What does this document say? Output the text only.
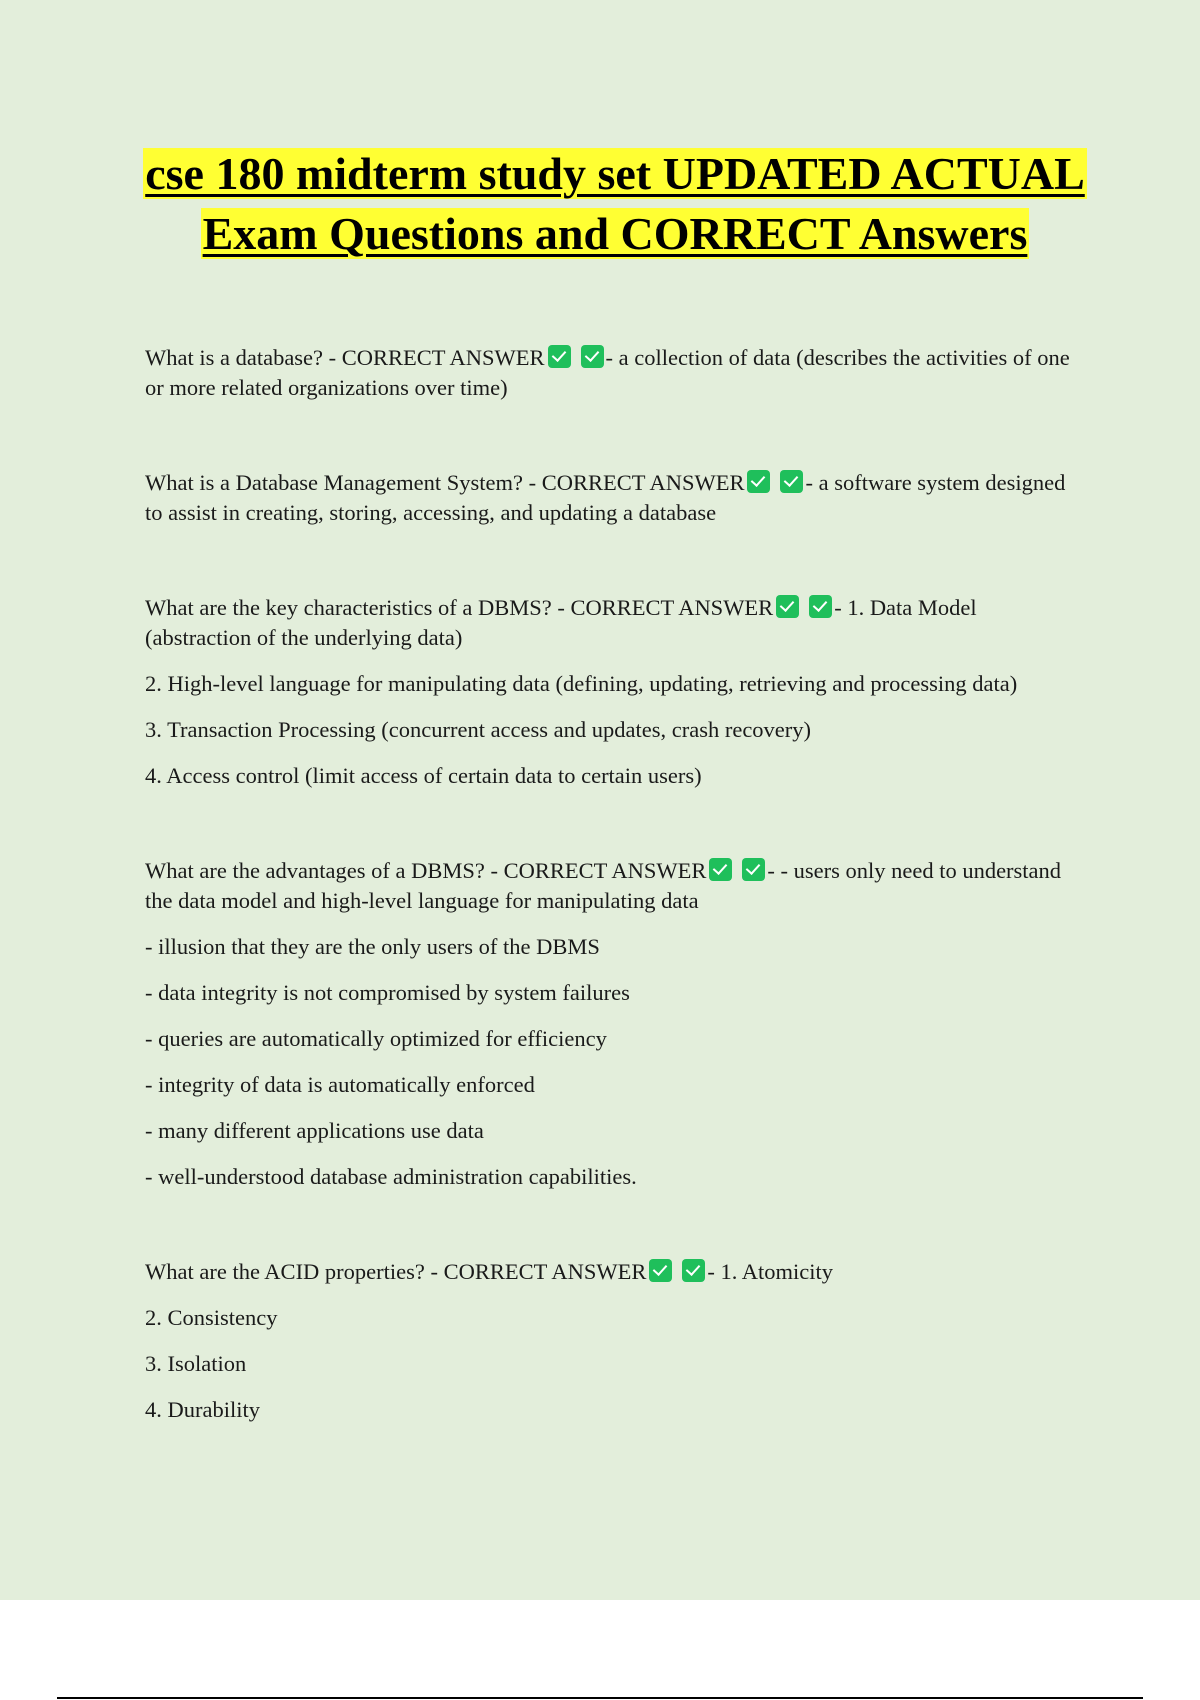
cse 180 midterm study set UPDATED ACTUAL Exam Questions and CORRECT Answers

What is a database? - CORRECT ANSWER	- a collection of data (describes the activities of one or more related organizations over time)

What is a Database Management System? - CORRECT ANSWER	- a software system designed to assist in creating, storing, accessing, and updating a database

What are the key characteristics of a DBMS? - CORRECT ANSWER	- 1. Data Model (abstraction of the underlying data)

2. High-level language for manipulating data (defining, updating, retrieving and processing data)

3. Transaction Processing (concurrent access and updates, crash recovery)

4. Access control (limit access of certain data to certain users)

What are the advantages of a DBMS? - CORRECT ANSWER	- - users only need to understand the data model and high-level language for manipulating data

- illusion that they are the only users of the DBMS

- data integrity is not compromised by system failures

- queries are automatically optimized for efficiency

- integrity of data is automatically enforced

- many different applications use data

- well-understood database administration capabilities.

What are the ACID properties? - CORRECT ANSWER	- 1. Atomicity

2. Consistency

3. Isolation

4. Durability
